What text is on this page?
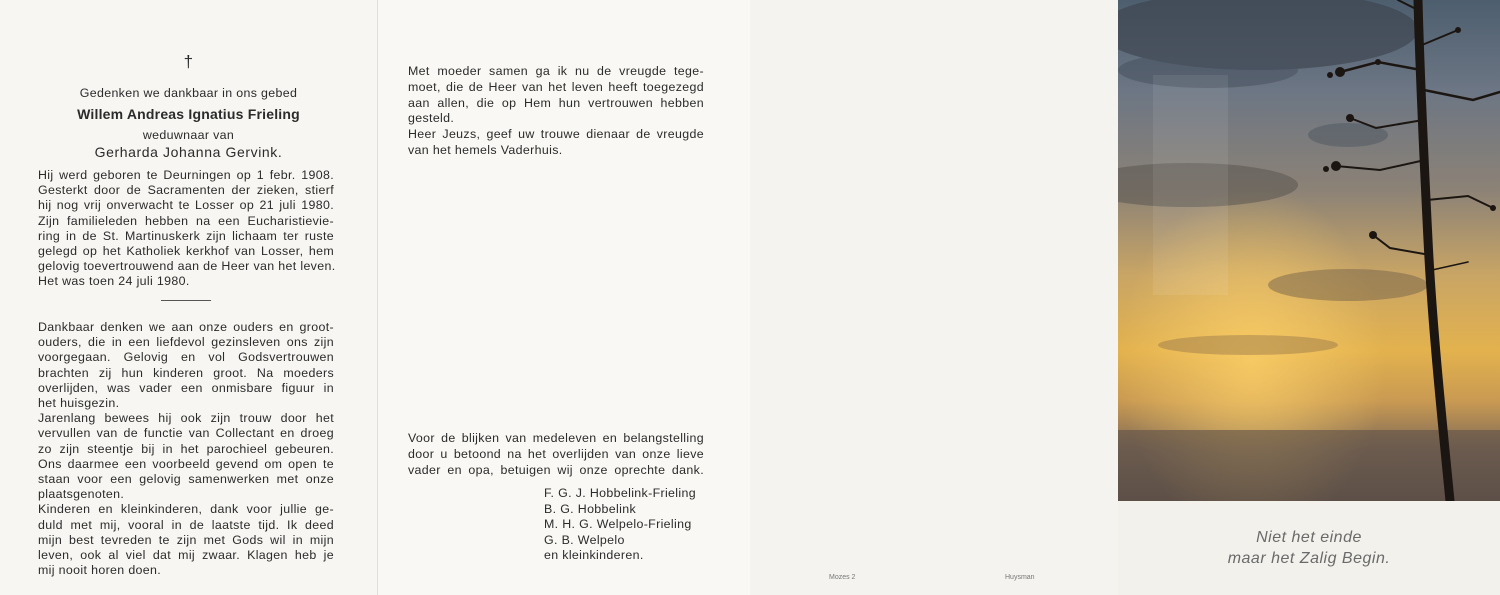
†
Gedenken we dankbaar in ons gebed
Willem Andreas Ignatius Frieling
weduwnaar van
Gerharda Johanna Gervink.
Hij werd geboren te Deurningen op 1 febr. 1908.
Gesterkt door de Sacramenten der zieken, stierf
hij nog vrij onverwacht te Losser op 21 juli 1980.
Zijn familieleden hebben na een Eucharistievie-
ring in de St. Martinuskerk zijn lichaam ter ruste
gelegd op het Katholiek kerkhof van Losser, hem
gelovig toevertrouwend aan de Heer van het leven.
Het was toen 24 juli 1980.
Dankbaar denken we aan onze ouders en groot-
ouders, die in een liefdevol gezinsleven ons zijn
voorgegaan. Gelovig en vol Godsvertrouwen
brachten zij hun kinderen groot. Na moeders
overlijden, was vader een onmisbare figuur in
het huisgezin.
Jarenlang bewees hij ook zijn trouw door het
vervullen van de functie van Collectant en droeg
zo zijn steentje bij in het parochieel gebeuren.
Ons daarmee een voorbeeld gevend om open te
staan voor een gelovig samenwerken met onze
plaatsgenoten.
Kinderen en kleinkinderen, dank voor jullie ge-
duld met mij, vooral in de laatste tijd. Ik deed
mijn best tevreden te zijn met Gods wil in mijn
leven, ook al viel dat mij zwaar. Klagen heb je
mij nooit horen doen.
Met moeder samen ga ik nu de vreugde tege-
moet, die de Heer van het leven heeft toegezegd
aan allen, die op Hem hun vertrouwen hebben
gesteld.
Heer Jeuzs, geef uw trouwe dienaar de vreugde
van het hemels Vaderhuis.
Voor de blijken van medeleven en belangstelling
door u betoond na het overlijden van onze lieve
vader en opa, betuigen wij onze oprechte dank.
F. G. J. Hobbelink-Frieling
B. G. Hobbelink
M. H. G. Welpelo-Frieling
G. B. Welpelo
en kleinkinderen.
Mozes 2	Huysman
Niet het einde
maar het Zalig Begin.
